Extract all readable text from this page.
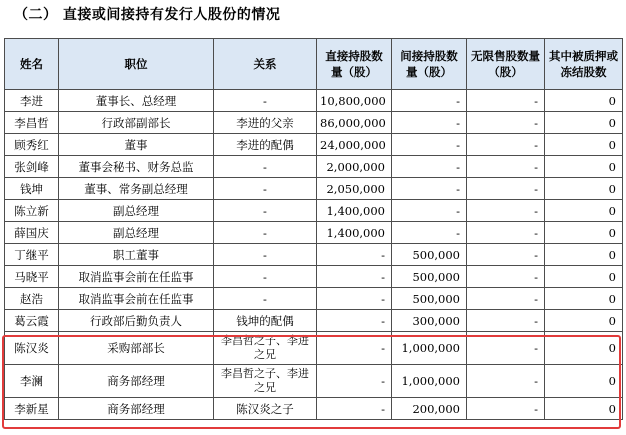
（二） 直接或间接持有发行人股份的情况
姓名	职位	关系	直接持股数量（股）	间接持股数量（股）	无限售股数量（股）	其中被质押或冻结股数
李进	董事长、总经理	-	10,800,000	-	-	0
李昌哲	行政部副部长	李进的父亲	86,000,000	-	-	0
顾秀红	董事	李进的配偶	24,000,000	-	-	0
张剑峰	董事会秘书、财务总监	-	2,000,000	-	-	0
钱坤	董事、常务副总经理	-	2,050,000	-	-	0
陈立新	副总经理	-	1,400,000	-	-	0
薛国庆	副总经理	-	1,400,000	-	-	0
丁继平	职工董事	-	-	500,000	-	0
马晓平	取消监事会前在任监事	-	-	500,000	-	0
赵浩	取消监事会前在任监事	-	-	500,000	-	0
葛云霞	行政部后勤负责人	钱坤的配偶	-	300,000	-	0
陈汉炎	采购部部长	李昌哲之子、李进之兄	-	1,000,000	-	0
李澜	商务部经理	李昌哲之子、李进之兄	-	1,000,000	-	0
李新星	商务部经理	陈汉炎之子	-	200,000	-	0
